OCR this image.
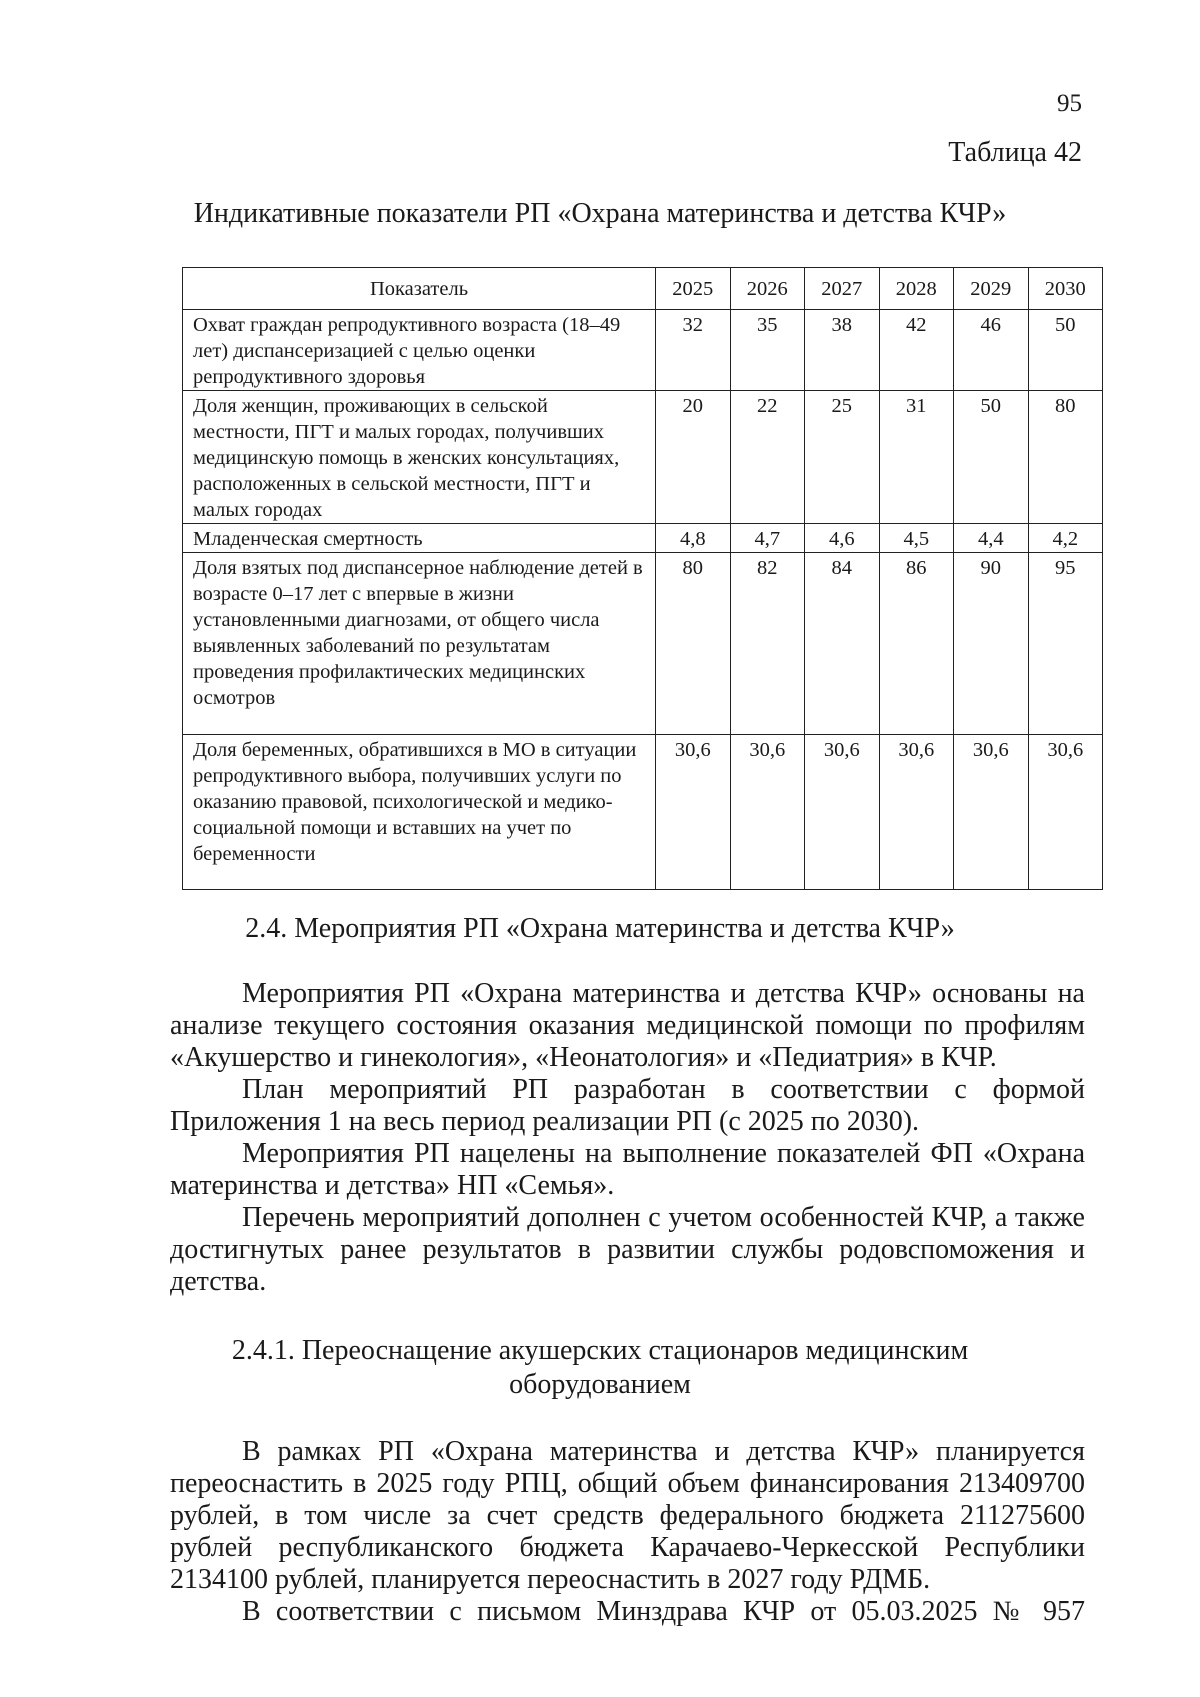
95
Таблица 42
Индикативные показатели РП «Охрана материнства и детства КЧР»
Показатель	2025	2026	2027	2028	2029	2030
Охват граждан репродуктивного возраста (18–49 лет) диспансеризацией с целью оценки репродуктивного здоровья	32	35	38	42	46	50
Доля женщин, проживающих в сельской местности, ПГТ и малых городах, получивших медицинскую помощь в женских консультациях, расположенных в сельской местности, ПГТ и малых городах	20	22	25	31	50	80
Младенческая смертность	4,8	4,7	4,6	4,5	4,4	4,2
Доля взятых под диспансерное наблюдение детей в возрасте 0–17 лет с впервые в жизни установленными диагнозами, от общего числа выявленных заболеваний по результатам проведения профилактических медицинских осмотров	80	82	84	86	90	95
Доля беременных, обратившихся в МО в ситуации репродуктивного выбора, получивших услуги по оказанию правовой, психологической и медико-социальной помощи и вставших на учет по беременности	30,6	30,6	30,6	30,6	30,6	30,6
2.4. Мероприятия РП «Охрана материнства и детства КЧР»

Мероприятия РП «Охрана материнства и детства КЧР» основаны на анализе текущего состояния оказания медицинской помощи по профилям «Акушерство и гинекология», «Неонатология» и «Педиатрия» в КЧР.

План мероприятий РП разработан в соответствии с формой Приложения 1 на весь период реализации РП (с 2025 по 2030).

Мероприятия РП нацелены на выполнение показателей ФП «Охрана материнства и детства» НП «Семья».

Перечень мероприятий дополнен с учетом особенностей КЧР, а также достигнутых ранее результатов в развитии службы родовспоможения и детства.

2.4.1. Переоснащение акушерских стационаров медицинским
оборудованием

В рамках РП «Охрана материнства и детства КЧР» планируется переоснастить в 2025 году РПЦ, общий объем финансирования 213409700 рублей, в том числе за счет средств федерального бюджета 211275600 рублей республиканского бюджета Карачаево-Черкесской Республики 2134100 рублей, планируется переоснастить в 2027 году РДМБ.

В соответствии с письмом Минздрава КЧР от 05.03.2025 № 957
